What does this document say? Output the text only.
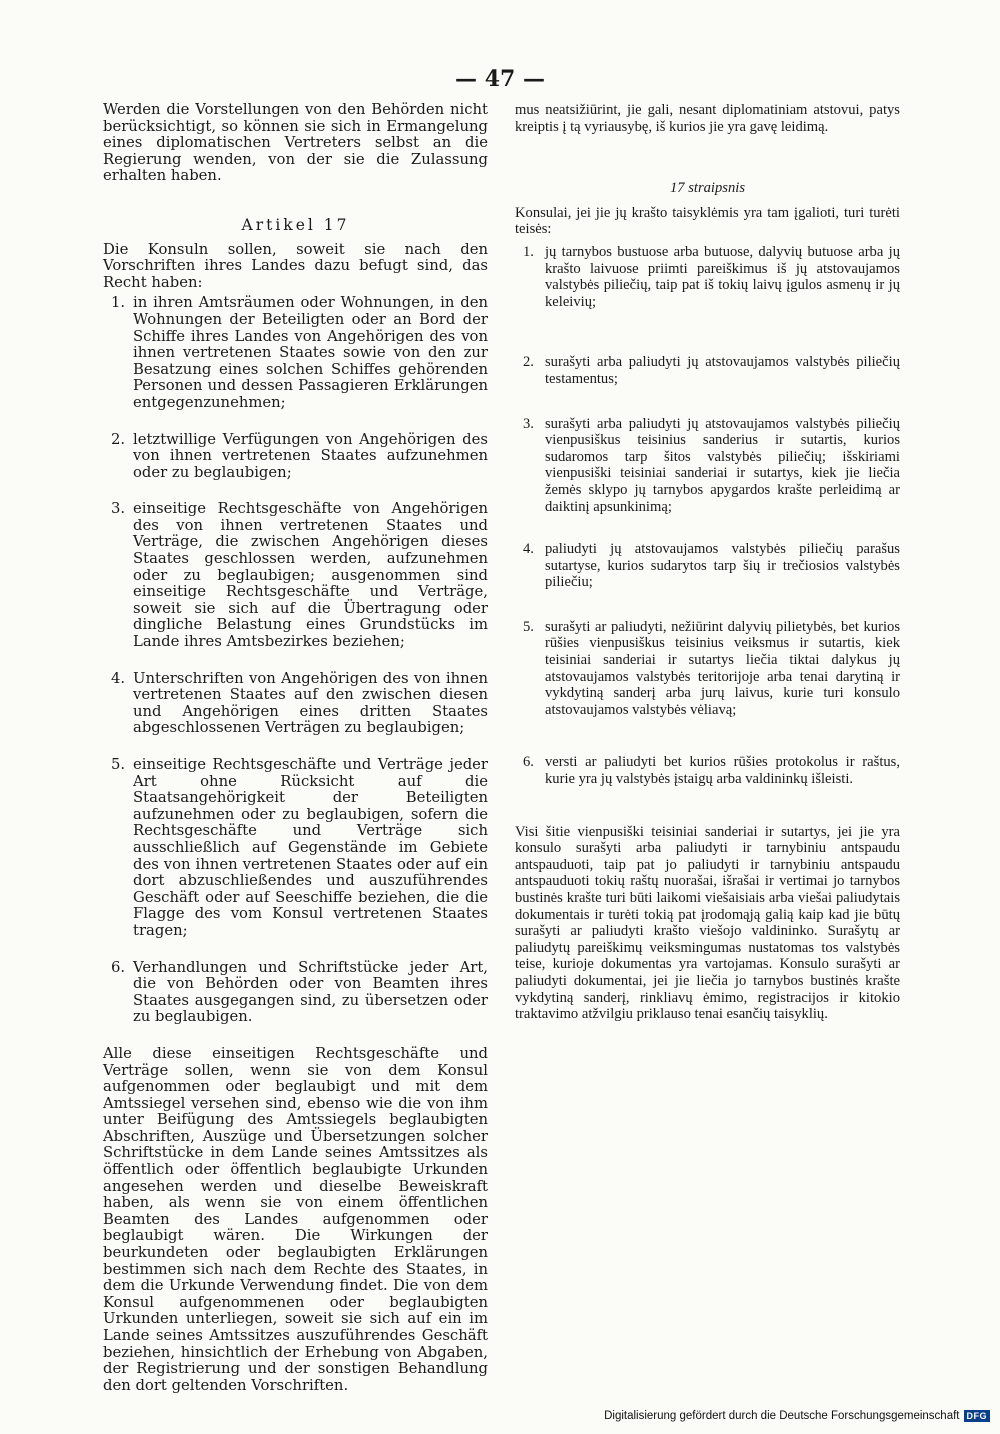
— 47 —

Werden die Vorstellungen von den Behörden nicht berücksichtigt, so können sie sich in Ermangelung eines diplomatischen Vertreters selbst an die Regierung wenden, von der sie die Zulassung erhalten haben.

Artikel 17

Die Konsuln sollen, soweit sie nach den Vorschriften ihres Landes dazu befugt sind, das Recht haben:

1. in ihren Amtsräumen oder Wohnungen, in den Wohnungen der Beteiligten oder an Bord der Schiffe ihres Landes von Angehörigen des von ihnen vertretenen Staates sowie von den zur Besatzung eines solchen Schiffes gehörenden Personen und dessen Passagieren Erklärungen entgegenzunehmen;
2. letztwillige Verfügungen von Angehörigen des von ihnen vertretenen Staates aufzunehmen oder zu beglaubigen;
3. einseitige Rechtsgeschäfte von Angehörigen des von ihnen vertretenen Staates und Verträge, die zwischen Angehörigen dieses Staates geschlossen werden, aufzunehmen oder zu beglaubigen; ausgenommen sind einseitige Rechtsgeschäfte und Verträge, soweit sie sich auf die Übertragung oder dingliche Belastung eines Grundstücks im Lande ihres Amtsbezirkes beziehen;
4. Unterschriften von Angehörigen des von ihnen vertretenen Staates auf den zwischen diesen und Angehörigen eines dritten Staates abgeschlossenen Verträgen zu beglaubigen;
5. einseitige Rechtsgeschäfte und Verträge jeder Art ohne Rücksicht auf die Staatsangehörigkeit der Beteiligten aufzunehmen oder zu beglaubigen, sofern die Rechtsgeschäfte und Verträge sich ausschließlich auf Gegenstände im Gebiete des von ihnen vertretenen Staates oder auf ein dort abzuschließendes und auszuführendes Geschäft oder auf Seeschiffe beziehen, die die Flagge des vom Konsul vertretenen Staates tragen;
6. Verhandlungen und Schriftstücke jeder Art, die von Behörden oder von Beamten ihres Staates ausgegangen sind, zu übersetzen oder zu beglaubigen.

Alle diese einseitigen Rechtsgeschäfte und Verträge sollen, wenn sie von dem Konsul aufgenommen oder beglaubigt und mit dem Amtssiegel versehen sind, ebenso wie die von ihm unter Beifügung des Amtssiegels beglaubigten Abschriften, Auszüge und Übersetzungen solcher Schriftstücke in dem Lande seines Amtssitzes als öffentlich oder öffentlich beglaubigte Urkunden angesehen werden und dieselbe Beweiskraft haben, als wenn sie von einem öffentlichen Beamten des Landes aufgenommen oder beglaubigt wären. Die Wirkungen der beurkundeten oder beglaubigten Erklärungen bestimmen sich nach dem Rechte des Staates, in dem die Urkunde Verwendung findet. Die von dem Konsul aufgenommenen oder beglaubigten Urkunden unterliegen, soweit sie sich auf ein im Lande seines Amtssitzes auszuführendes Geschäft beziehen, hinsichtlich der Erhebung von Abgaben, der Registrierung und der sonstigen Behandlung den dort geltenden Vorschriften.

mus neatsižiūrint, jie gali, nesant diplomatiniam atstovui, patys kreiptis į tą vyriausybę, iš kurios jie yra gavę leidimą.

17 straipsnis

Konsulai, jei jie jų krašto taisyklėmis yra tam įgalioti, turi turėti teisės:

1. jų tarnybos bustuose arba butuose, dalyvių butuose arba jų krašto laivuose priimti pareiškimus iš jų atstovaujamos valstybės piliečių, taip pat iš tokių laivų įgulos asmenų ir jų keleivių;
2. surašyti arba paliudyti jų atstovaujamos valstybės piliečių testamentus;
3. surašyti arba paliudyti jų atstovaujamos valstybės piliečių vienpusiškus teisinius sanderius ir sutartis, kurios sudaromos tarp šitos valstybės piliečių; išskiriami vienpusiški teisiniai sanderiai ir sutartys, kiek jie liečia žemės sklypo jų tarnybos apygardos krašte perleidimą ar daiktinį apsunkinimą;
4. paliudyti jų atstovaujamos valstybės piliečių parašus sutartyse, kurios sudarytos tarp šių ir trečiosios valstybės piliečiu;
5. surašyti ar paliudyti, nežiūrint dalyvių pilietybės, bet kurios rūšies vienpusiškus teisinius veiksmus ir sutartis, kiek teisiniai sanderiai ir sutartys liečia tiktai dalykus jų atstovaujamos valstybės teritorijoje arba tenai darytiną ir vykdytiną sanderį arba jurų laivus, kurie turi konsulo atstovaujamos valstybės vėliavą;
6. versti ar paliudyti bet kurios rūšies protokolus ir raštus, kurie yra jų valstybės įstaigų arba valdininkų išleisti.

Visi šitie vienpusiški teisiniai sanderiai ir sutartys, jei jie yra konsulo surašyti arba paliudyti ir tarnybiniu antspaudu antspauduoti, taip pat jo paliudyti ir tarnybiniu antspaudu antspauduoti tokių raštų nuorašai, išrašai ir vertimai jo tarnybos bustinės krašte turi būti laikomi viešaisiais arba viešai paliudytais dokumentais ir turėti tokią pat įrodomąją galią kaip kad jie būtų surašyti ar paliudyti krašto viešojo valdininko. Surašytų ar paliudytų pareiškimų veiksmingumas nustatomas tos valstybės teise, kurioje dokumentas yra vartojamas. Konsulo surašyti ar paliudyti dokumentai, jei jie liečia jo tarnybos bustinės krašte vykdytiną sanderį, rinkliavų ėmimo, registracijos ir kitokio traktavimo atžvilgiu priklauso tenai esančių taisyklių.

Digitalisierung gefördert durch die Deutsche Forschungsgemeinschaft DFG
